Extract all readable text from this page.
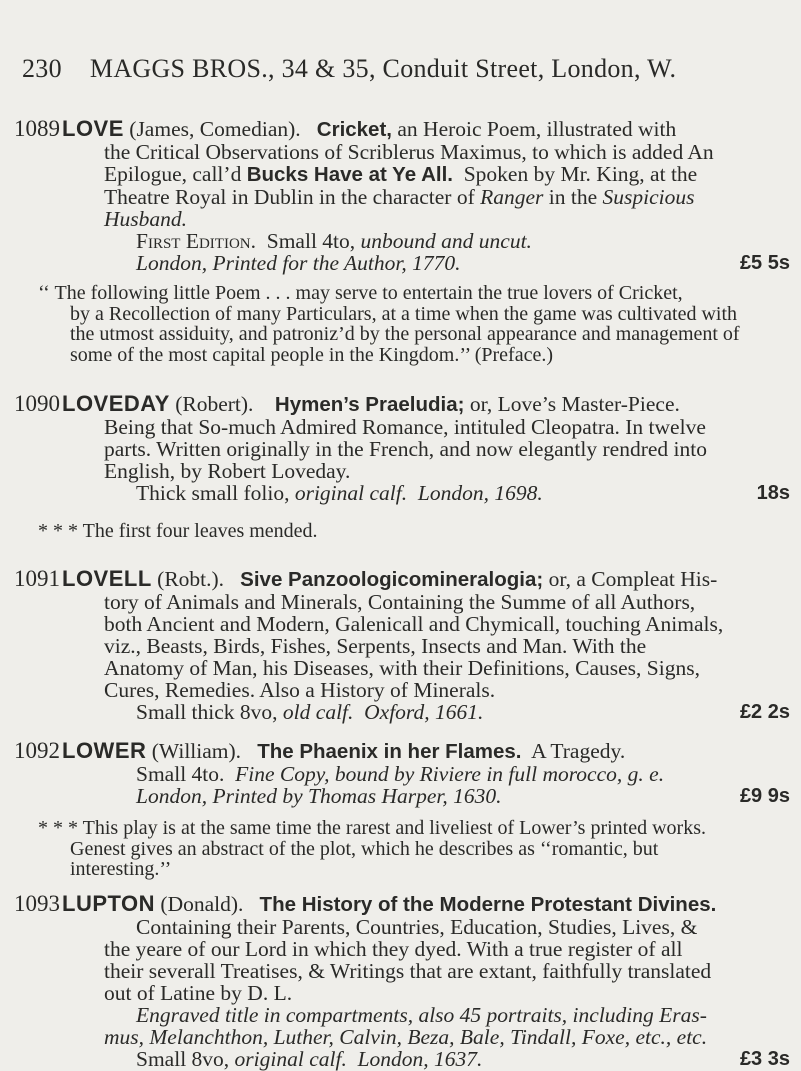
230 MAGGS BROS., 34 & 35, Conduit Street, London, W.
1089 LOVE (James, Comedian). Cricket, an Heroic Poem, illustrated with
the Critical Observations of Scriblerus Maximus, to which is added An
Epilogue, call’d Bucks Have at Ye All. Spoken by Mr. King, at the
Theatre Royal in Dublin in the character of Ranger in the Suspicious
Husband.
First Edition. Small 4to, unbound and uncut.
London, Printed for the Author, 1770.	£5 5s
‘‘ The following little Poem . . . may serve to entertain the true lovers of Cricket,
by a Recollection of many Particulars, at a time when the game was cultivated with
the utmost assiduity, and patroniz’d by the personal appearance and management of
some of the most capital people in the Kingdom.’’ (Preface.)
1090 LOVEDAY (Robert). Hymen’s Praeludia; or, Love’s Master-Piece.
Being that So-much Admired Romance, intituled Cleopatra. In twelve
parts. Written originally in the French, and now elegantly rendred into
English, by Robert Loveday.
Thick small folio, original calf. London, 1698.	18s
* * * The first four leaves mended.
1091 LOVELL (Robt.). Sive Panzoologicomineralogia; or, a Compleat His-
tory of Animals and Minerals, Containing the Summe of all Authors,
both Ancient and Modern, Galenicall and Chymicall, touching Animals,
viz., Beasts, Birds, Fishes, Serpents, Insects and Man. With the
Anatomy of Man, his Diseases, with their Definitions, Causes, Signs,
Cures, Remedies. Also a History of Minerals.
Small thick 8vo, old calf. Oxford, 1661.	£2 2s
1092 LOWER (William). The Phaenix in her Flames.  A Tragedy.
Small 4to.  Fine Copy, bound by Riviere in full morocco, g. e.
London, Printed by Thomas Harper, 1630.	£9 9s
* * * This play is at the same time the rarest and liveliest of Lower’s printed works.
Genest gives an abstract of the plot, which he describes as ‘‘romantic, but
interesting.’’
1093 LUPTON (Donald). The History of the Moderne Protestant Divines.
Containing their Parents, Countries, Education, Studies, Lives, &
the yeare of our Lord in which they dyed. With a true register of all
their severall Treatises, & Writings that are extant, faithfully translated
out of Latine by D. L.
Engraved title in compartments, also 45 portraits, including Eras-
mus, Melanchthon, Luther, Calvin, Beza, Bale, Tindall, Foxe, etc., etc.
Small 8vo, original calf. London, 1637.	£3 3s
